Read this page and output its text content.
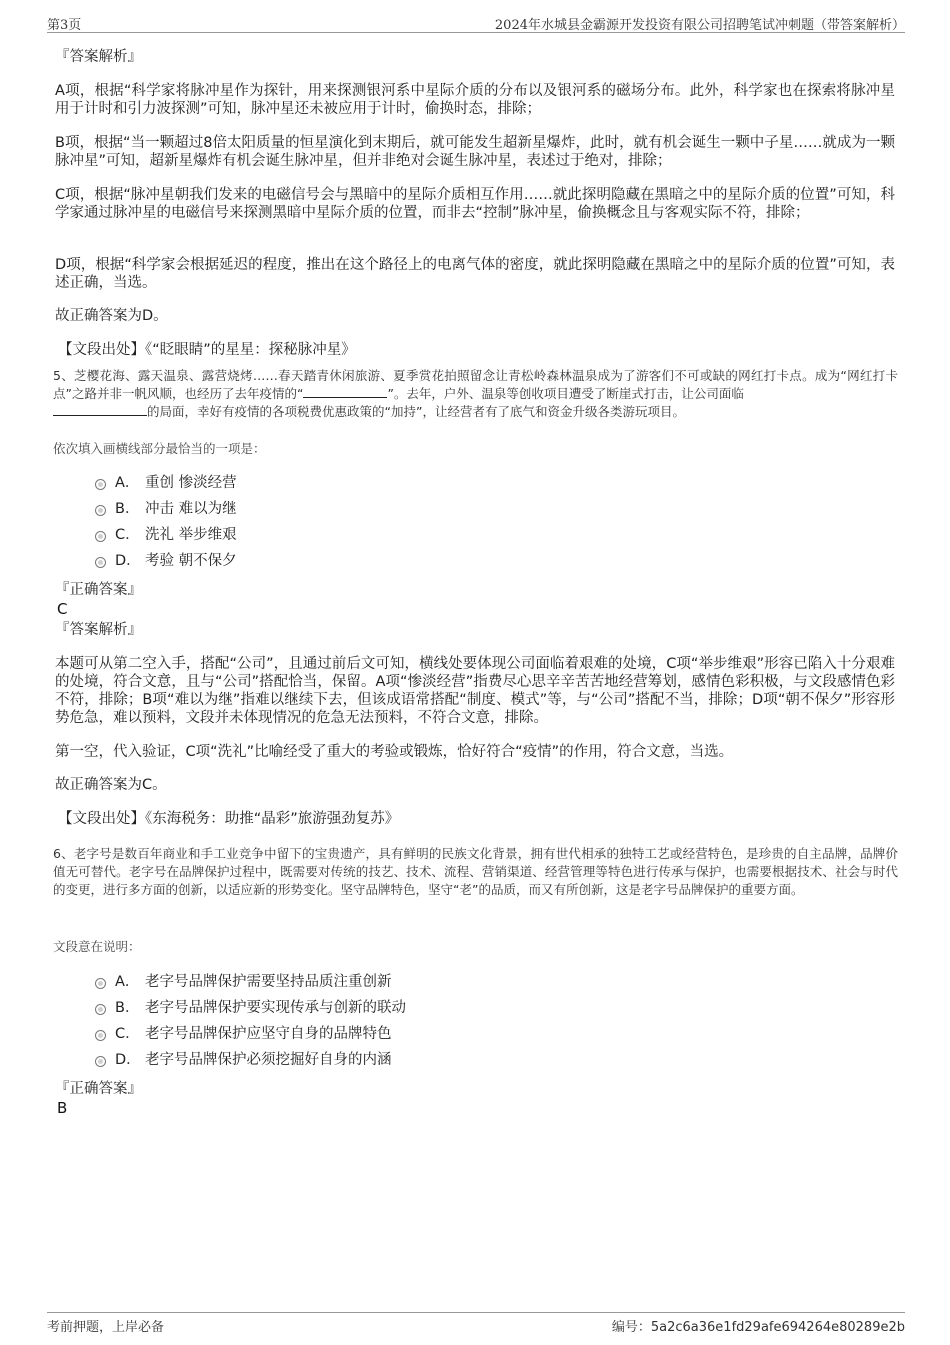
第3页	2024年水城县金霸源开发投资有限公司招聘笔试冲刺题（带答案解析）
『答案解析』
A项，根据“科学家将脉冲星作为探针，用来探测银河系中星际介质的分布以及银河系的磁场分布。此外，科学家也在探索将脉冲星用于计时和引力波探测”可知，脉冲星还未被应用于计时，偷换时态，排除；
B项，根据“当一颗超过8倍太阳质量的恒星演化到末期后，就可能发生超新星爆炸，此时，就有机会诞生一颗中子星……就成为一颗脉冲星”可知，超新星爆炸有机会诞生脉冲星，但并非绝对会诞生脉冲星，表述过于绝对，排除；
C项，根据“脉冲星朝我们发来的电磁信号会与黑暗中的星际介质相互作用……就此探明隐藏在黑暗之中的星际介质的位置”可知，科学家通过脉冲星的电磁信号来探测黑暗中星际介质的位置，而非去“控制”脉冲星，偷换概念且与客观实际不符，排除；
D项，根据“科学家会根据延迟的程度，推出在这个路径上的电离气体的密度，就此探明隐藏在黑暗之中的星际介质的位置”可知，表述正确，当选。
故正确答案为D。
【文段出处】《“眨眼睛”的星星：探秘脉冲星》
5、芝樱花海、露天温泉、露营烧烤……春天踏青休闲旅游、夏季赏花拍照留念让青松岭森林温泉成为了游客们不可或缺的网红打卡点。成为“网红打卡点”之路并非一帆风顺，也经历了去年疫情的“	”。去年，户外、温泉等创收项目遭受了断崖式打击，让公司面临
的局面，幸好有疫情的各项税费优惠政策的“加持”，让经营者有了底气和资金升级各类游玩项目。
依次填入画横线部分最恰当的一项是：
A． 重创 惨淡经营
B． 冲击 难以为继
C． 洗礼 举步维艰
D． 考验 朝不保夕
『正确答案』
C
『答案解析』
本题可从第二空入手，搭配“公司”，且通过前后文可知，横线处要体现公司面临着艰难的处境，C项“举步维艰”形容已陷入十分艰难的处境，符合文意，且与“公司”搭配恰当，保留。A项“惨淡经营”指费尽心思辛辛苦苦地经营筹划，感情色彩积极，与文段感情色彩不符，排除；B项“难以为继”指难以继续下去，但该成语常搭配“制度、模式”等，与“公司”搭配不当，排除；D项“朝不保夕”形容形势危急，难以预料，文段并未体现情况的危急无法预料，不符合文意，排除。
第一空，代入验证，C项“洗礼”比喻经受了重大的考验或锻炼，恰好符合“疫情”的作用，符合文意，当选。
故正确答案为C。
【文段出处】《东海税务：助推“晶彩”旅游强劲复苏》
6、老字号是数百年商业和手工业竞争中留下的宝贵遗产，具有鲜明的民族文化背景，拥有世代相承的独特工艺或经营特色，是珍贵的自主品牌，品牌价值无可替代。老字号在品牌保护过程中，既需要对传统的技艺、技术、流程、营销渠道、经营管理等特色进行传承与保护，也需要根据技术、社会与时代的变更，进行多方面的创新，以适应新的形势变化。坚守品牌特色，坚守“老”的品质，而又有所创新，这是老字号品牌保护的重要方面。
文段意在说明：
A． 老字号品牌保护需要坚持品质注重创新
B． 老字号品牌保护要实现传承与创新的联动
C． 老字号品牌保护应坚守自身的品牌特色
D． 老字号品牌保护必须挖掘好自身的内涵
『正确答案』
B
考前押题，上岸必备	编号：5a2c6a36e1fd29afe694264e80289e2b
